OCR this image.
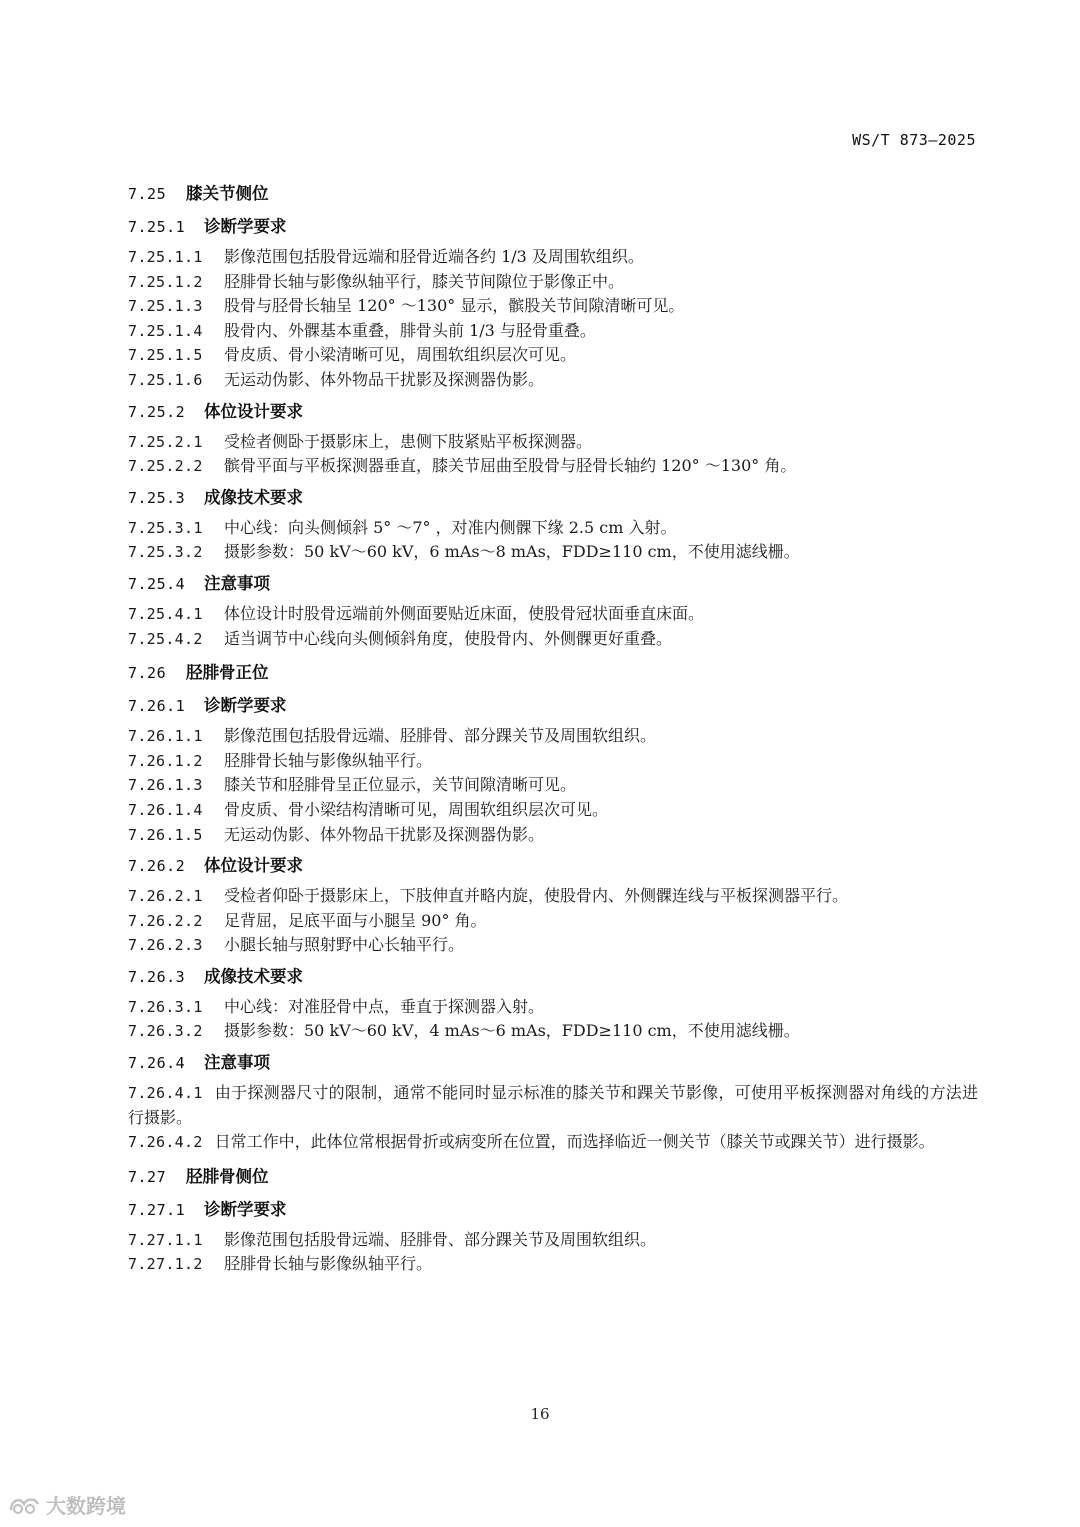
WS/T 873—2025
7.25	膝关节侧位
7.25.1	诊断学要求
7.25.1.1	影像范围包括股骨远端和胫骨近端各约 1/3 及周围软组织。
7.25.1.2	胫腓骨长轴与影像纵轴平行，膝关节间隙位于影像正中。
7.25.1.3	股骨与胫骨长轴呈 120° ～130° 显示，髌股关节间隙清晰可见。
7.25.1.4	股骨内、外髁基本重叠，腓骨头前 1/3 与胫骨重叠。
7.25.1.5	骨皮质、骨小梁清晰可见，周围软组织层次可见。
7.25.1.6	无运动伪影、体外物品干扰影及探测器伪影。
7.25.2	体位设计要求
7.25.2.1	受检者侧卧于摄影床上，患侧下肢紧贴平板探测器。
7.25.2.2	髌骨平面与平板探测器垂直，膝关节屈曲至股骨与胫骨长轴约 120° ～130° 角。
7.25.3	成像技术要求
7.25.3.1	中心线：向头侧倾斜 5° ～7° ，对准内侧髁下缘 2.5 cm 入射。
7.25.3.2	摄影参数：50 kV～60 kV，6 mAs～8 mAs，FDD≥110 cm，不使用滤线栅。
7.25.4	注意事项
7.25.4.1	体位设计时股骨远端前外侧面要贴近床面，使股骨冠状面垂直床面。
7.25.4.2	适当调节中心线向头侧倾斜角度，使股骨内、外侧髁更好重叠。
7.26	胫腓骨正位
7.26.1	诊断学要求
7.26.1.1	影像范围包括股骨远端、胫腓骨、部分踝关节及周围软组织。
7.26.1.2	胫腓骨长轴与影像纵轴平行。
7.26.1.3	膝关节和胫腓骨呈正位显示，关节间隙清晰可见。
7.26.1.4	骨皮质、骨小梁结构清晰可见，周围软组织层次可见。
7.26.1.5	无运动伪影、体外物品干扰影及探测器伪影。
7.26.2	体位设计要求
7.26.2.1	受检者仰卧于摄影床上，下肢伸直并略内旋，使股骨内、外侧髁连线与平板探测器平行。
7.26.2.2	足背屈，足底平面与小腿呈 90° 角。
7.26.2.3	小腿长轴与照射野中心长轴平行。
7.26.3	成像技术要求
7.26.3.1	中心线：对准胫骨中点，垂直于探测器入射。
7.26.3.2	摄影参数：50 kV～60 kV，4 mAs～6 mAs，FDD≥110 cm，不使用滤线栅。
7.26.4	注意事项
7.26.4.1 由于探测器尺寸的限制，通常不能同时显示标准的膝关节和踝关节影像，可使用平板探测器对角线的方法进行摄影。
7.26.4.2 日常工作中，此体位常根据骨折或病变所在位置，而选择临近一侧关节（膝关节或踝关节）进行摄影。
7.27	胫腓骨侧位
7.27.1	诊断学要求
7.27.1.1	影像范围包括股骨远端、胫腓骨、部分踝关节及周围软组织。
7.27.1.2	胫腓骨长轴与影像纵轴平行。
16
大数跨境
